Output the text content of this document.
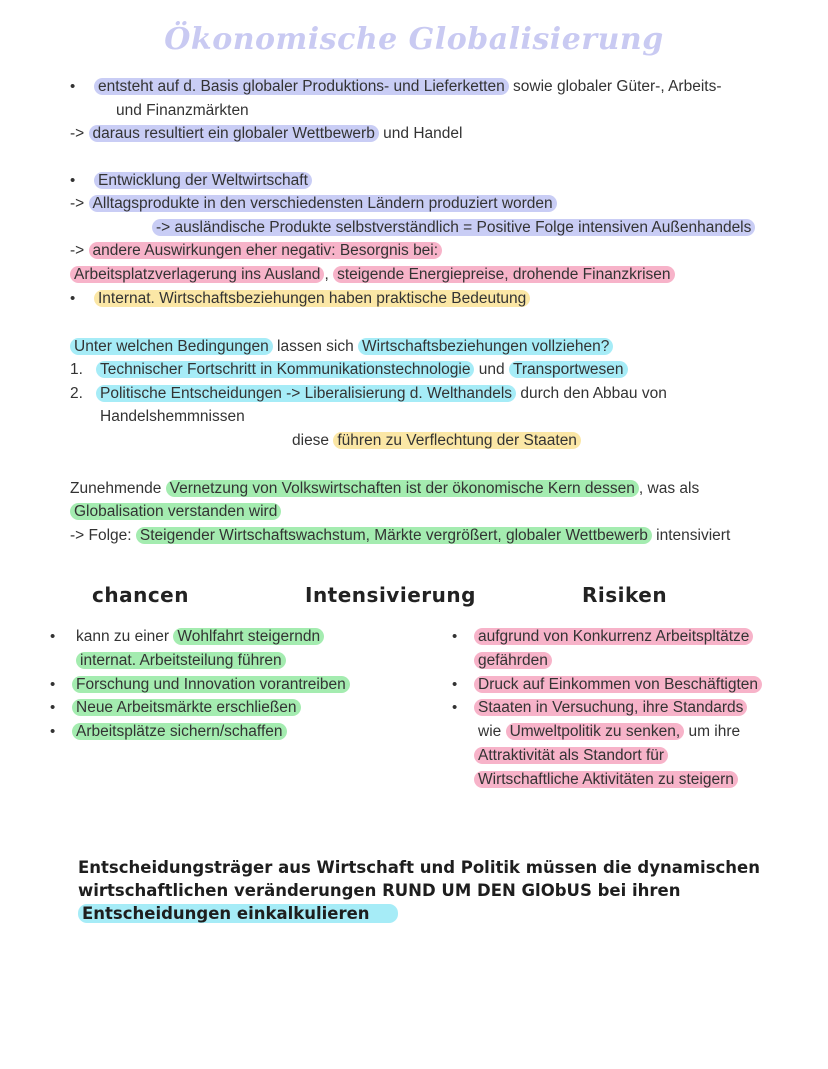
Ökonomische Globalisierung
• entsteht auf d. Basis globaler Produktions- und Lieferketten sowie globaler Güter-, Arbeits-
und Finanzmärkten
-> daraus resultiert ein globaler Wettbewerb und Handel
• Entwicklung der Weltwirtschaft
-> Alltagsprodukte in den verschiedensten Ländern produziert worden
-> ausländische Produkte selbstverständlich = Positive Folge intensiven Außenhandels
-> andere Auswirkungen eher negativ: Besorgnis bei:
Arbeitsplatzverlagerung ins Ausland , steigende Energiepreise, drohende Finanzkrisen
• Internat. Wirtschaftsbeziehungen haben praktische Bedeutung
Unter welchen Bedingungen lassen sich Wirtschaftsbeziehungen vollziehen?
1. Technischer Fortschritt in Kommunikationstechnologie und Transportwesen
2. Politische Entscheidungen -> Liberalisierung d. Welthandels durch den Abbau von
Handelshemmnissen
diese führen zu Verflechtung der Staaten
Zunehmende Vernetzung von Volkswirtschaften ist der ökonomische Kern dessen , was als
Globalisation verstanden wird
-> Folge: Steigender Wirtschaftswachstum, Märkte vergrößert, globaler Wettbewerb intensiviert
chancen	Intensivierung	Risiken
• kann zu einer Wohlfahrt steigerndn
internat. Arbeitsteilung führen
• Forschung und Innovation vorantreiben
• Neue Arbeitsmärkte erschließen
• Arbeitsplätze sichern/schaffen
• aufgrund von Konkurrenz Arbeitspltätze
gefährden
• Druck auf Einkommen von Beschäftigten
• Staaten in Versuchung, ihre Standards
wie Umweltpolitik zu senken, um ihre
Attraktivität als Standort für
Wirtschaftliche Aktivitäten zu steigern
Entscheidungsträger aus Wirtschaft und Politik müssen die dynamischen
wirtschaftlichen veränderungen RUND UM DEN GlObUS bei ihren
Entscheidungen einkalkulieren
